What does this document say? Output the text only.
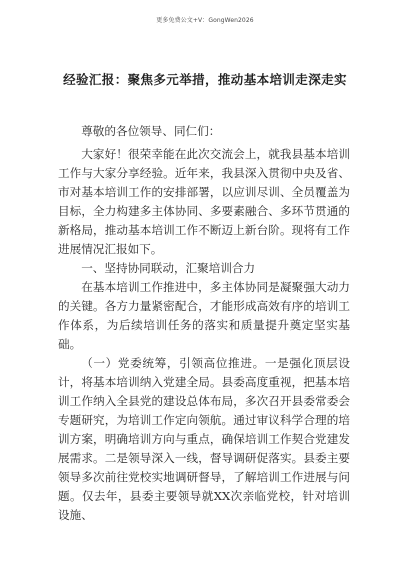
更多免费公文+V：GongWen2026
经验汇报：聚焦多元举措，推动基本培训走深走实

尊敬的各位领导、同仁们：

大家好！很荣幸能在此次交流会上，就我县基本培训工作与大家分享经验。近年来，我县深入贯彻中央及省、市对基本培训工作的安排部署，以应训尽训、全员覆盖为目标，全力构建多主体协同、多要素融合、多环节贯通的新格局，推动基本培训工作不断迈上新台阶。现将有工作进展情况汇报如下。

一、坚持协同联动，汇聚培训合力

在基本培训工作推进中，多主体协同是凝聚强大动力的关键。各方力量紧密配合，才能形成高效有序的培训工作体系，为后续培训任务的落实和质量提升奠定坚实基础。

（一）党委统筹，引领高位推进。一是强化顶层设计，将基本培训纳入党建全局。县委高度重视，把基本培训工作纳入全县党的建设总体布局，多次召开县委常委会专题研究，为培训工作定向领航。通过审议科学合理的培训方案，明确培训方向与重点，确保培训工作契合党建发展需求。二是领导深入一线，督导调研促落实。县委主要领导多次前往党校实地调研督导，了解培训工作进展与问题。仅去年，县委主要领导就XX次亲临党校，针对培训设施、
